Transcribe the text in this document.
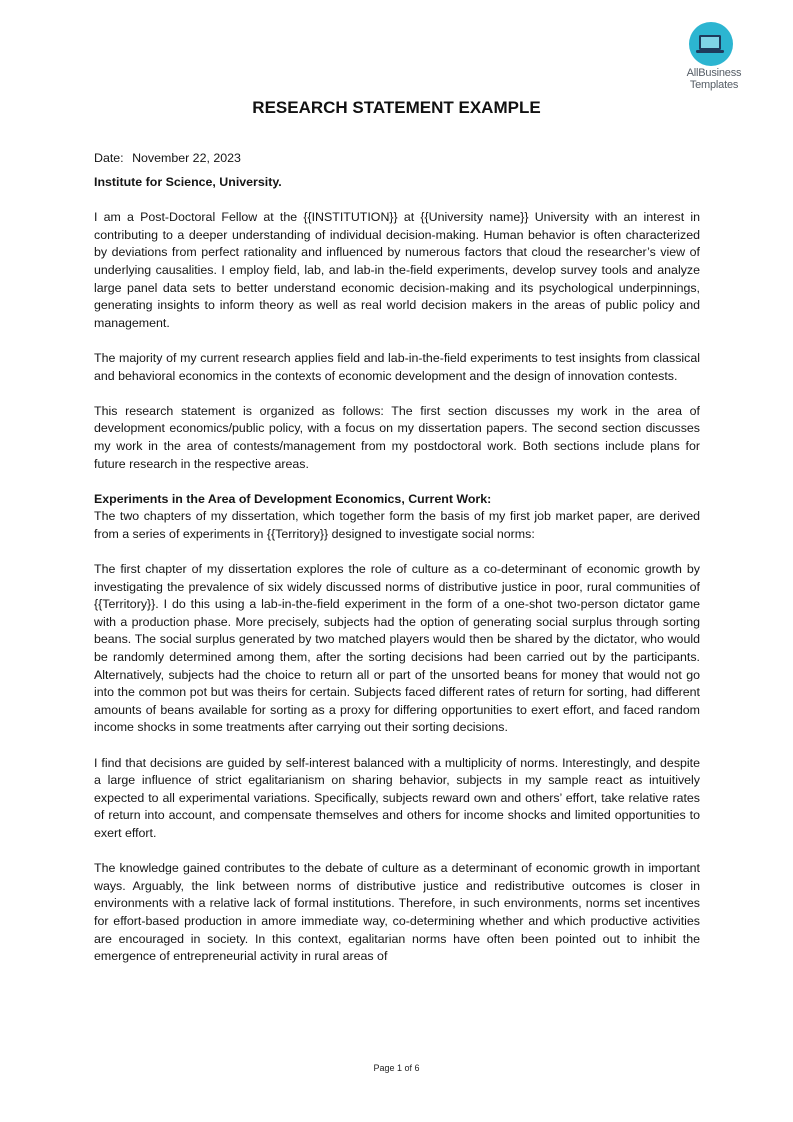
AllBusiness
Templates
RESEARCH STATEMENT EXAMPLE

Date: November 22, 2023

Institute for Science, University.

I am a Post-Doctoral Fellow at the {{INSTITUTION}} at {{University name}} University with an interest in contributing to a deeper understanding of individual decision-making. Human behavior is often characterized by deviations from perfect rationality and influenced by numerous factors that cloud the researcher’s view of underlying causalities. I employ field, lab, and lab-in the-field experiments, develop survey tools and analyze large panel data sets to better understand economic decision-making and its psychological underpinnings, generating insights to inform theory as well as real world decision makers in the areas of public policy and management.

The majority of my current research applies field and lab-in-the-field experiments to test insights from classical and behavioral economics in the contexts of economic development and the design of innovation contests.

This research statement is organized as follows: The first section discusses my work in the area of development economics/public policy, with a focus on my dissertation papers. The second section discusses my work in the area of contests/management from my postdoctoral work. Both sections include plans for future research in the respective areas.

Experiments in the Area of Development Economics, Current Work:

The two chapters of my dissertation, which together form the basis of my first job market paper, are derived from a series of experiments in {{Territory}} designed to investigate social norms:

The first chapter of my dissertation explores the role of culture as a co-determinant of economic growth by investigating the prevalence of six widely discussed norms of distributive justice in poor, rural communities of {{Territory}}. I do this using a lab-in-the-field experiment in the form of a one-shot two-person dictator game with a production phase. More precisely, subjects had the option of generating social surplus through sorting beans. The social surplus generated by two matched players would then be shared by the dictator, who would be randomly determined among them, after the sorting decisions had been carried out by the participants. Alternatively, subjects had the choice to return all or part of the unsorted beans for money that would not go into the common pot but was theirs for certain. Subjects faced different rates of return for sorting, had different amounts of beans available for sorting as a proxy for differing opportunities to exert effort, and faced random income shocks in some treatments after carrying out their sorting decisions.

I find that decisions are guided by self-interest balanced with a multiplicity of norms. Interestingly, and despite a large influence of strict egalitarianism on sharing behavior, subjects in my sample react as intuitively expected to all experimental variations. Specifically, subjects reward own and others’ effort, take relative rates of return into account, and compensate themselves and others for income shocks and limited opportunities to exert effort.

The knowledge gained contributes to the debate of culture as a determinant of economic growth in important ways. Arguably, the link between norms of distributive justice and redistributive outcomes is closer in environments with a relative lack of formal institutions. Therefore, in such environments, norms set incentives for effort-based production in amore immediate way, co-determining whether and which productive activities are encouraged in society. In this context, egalitarian norms have often been pointed out to inhibit the emergence of entrepreneurial activity in rural areas of

Page 1 of 6
